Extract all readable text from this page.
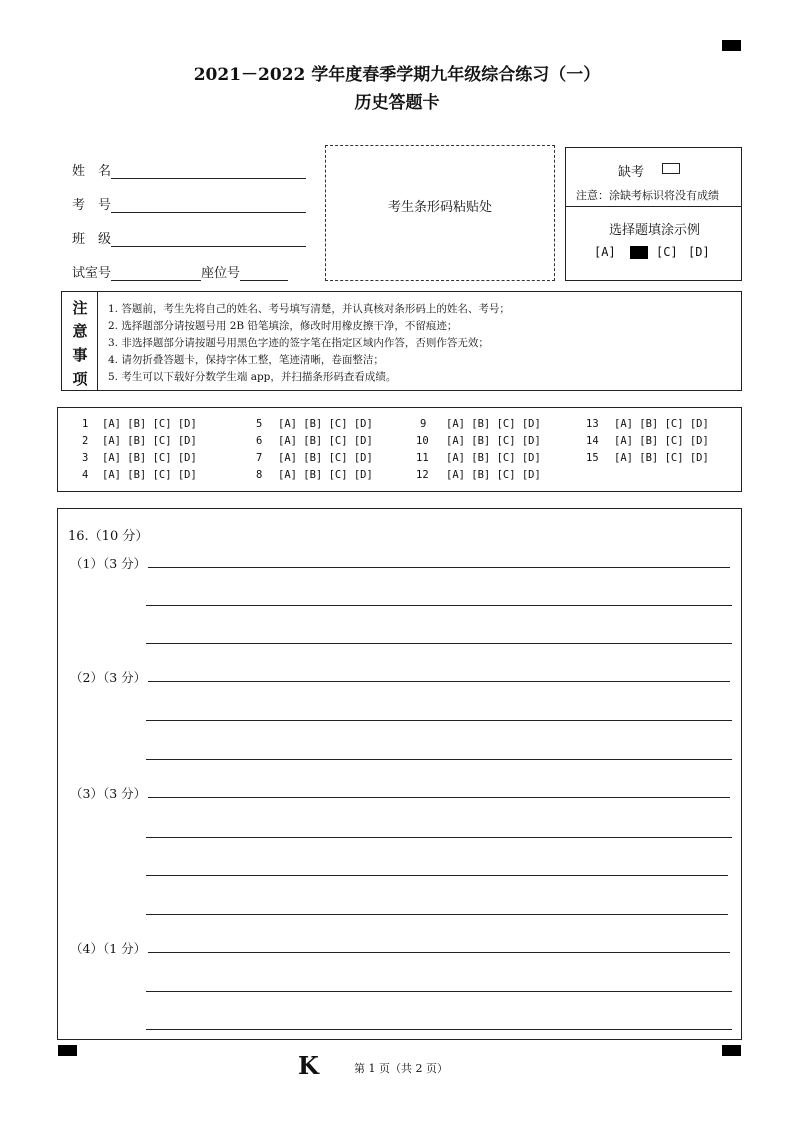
2021－2022 学年度春季学期九年级综合练习（一）
历史答题卡
姓　名
考　号
班　级
试室号	座位号
考生条形码粘贴处
缺考
注意：涂缺考标识将没有成绩
选择题填涂示例
[A]	[C] [D]
注
意
事
项
1. 答题前，考生先将自己的姓名、考号填写清楚，并认真核对条形码上的姓名、考号；
2. 选择题部分请按题号用 2B 铅笔填涂，修改时用橡皮擦干净，不留痕迹；
3. 非选择题部分请按题号用黑色字迹的签字笔在指定区域内作答，否则作答无效；
4. 请勿折叠答题卡，保持字体工整，笔迹清晰，卷面整洁；
5. 考生可以下载好分数学生端 app，并扫描条形码查看成绩。
1 [A] [B] [C] [D]
2 [A] [B] [C] [D]
3 [A] [B] [C] [D]
4 [A] [B] [C] [D]
5 [A] [B] [C] [D]
6 [A] [B] [C] [D]
7 [A] [B] [C] [D]
8 [A] [B] [C] [D]
9 [A] [B] [C] [D]
10 [A] [B] [C] [D]
11 [A] [B] [C] [D]
12 [A] [B] [C] [D]
13 [A] [B] [C] [D]
14 [A] [B] [C] [D]
15 [A] [B] [C] [D]
16.（10 分）
（1）（3 分）
（2）（3 分）
（3）（3 分）
（4）（1 分）
K	第 1 页（共 2 页）
